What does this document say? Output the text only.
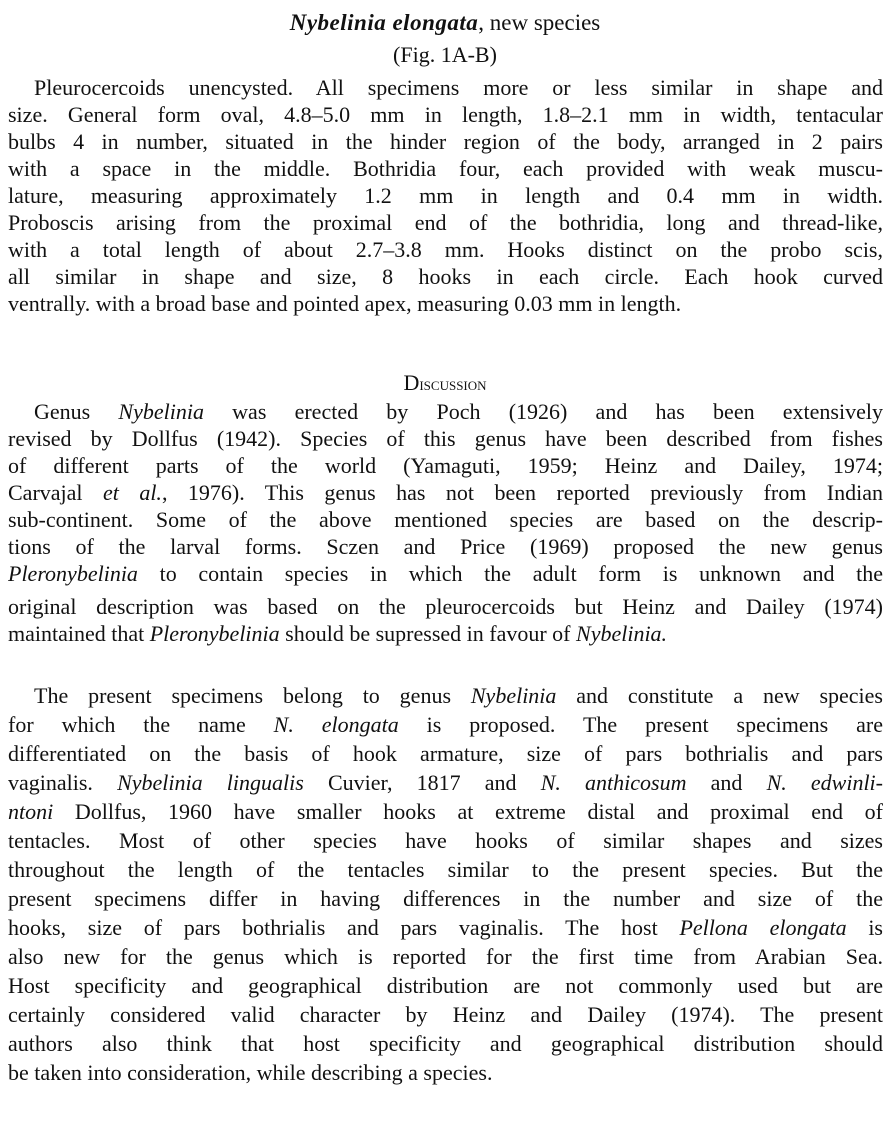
Nybelinia elongata, new species
(Fig. 1A-B)
Pleurocercoids unencysted. All specimens more or less similar in shape and
size. General form oval, 4.8–5.0 mm in length, 1.8–2.1 mm in width, tentacular
bulbs 4 in number, situated in the hinder region of the body, arranged in 2 pairs
with a space in the middle. Bothridia four, each provided with weak muscu-
lature, measuring approximately 1.2 mm in length and 0.4 mm in width.
Proboscis arising from the proximal end of the bothridia, long and thread-like,
with a total length of about 2.7–3.8 mm. Hooks distinct on the probo scis,
all similar in shape and size, 8 hooks in each circle. Each hook curved
ventrally. with a broad base and pointed apex, measuring 0.03 mm in length.
Discussion
Genus Nybelinia was erected by Poch (1926) and has been extensively
revised by Dollfus (1942). Species of this genus have been described from fishes
of different parts of the world (Yamaguti, 1959; Heinz and Dailey, 1974;
Carvajal et al., 1976). This genus has not been reported previously from Indian
sub-continent. Some of the above mentioned species are based on the descrip-
tions of the larval forms. Sczen and Price (1969) proposed the new genus
Pleronybelinia to contain species in which the adult form is unknown and the
original description was based on the pleurocercoids but Heinz and Dailey (1974)
maintained that Pleronybelinia should be supressed in favour of Nybelinia.
The present specimens belong to genus Nybelinia and constitute a new species
for which the name N. elongata is proposed. The present specimens are
differentiated on the basis of hook armature, size of pars bothrialis and pars
vaginalis. Nybelinia lingualis Cuvier, 1817 and N. anthicosum and N. edwinli-
ntoni Dollfus, 1960 have smaller hooks at extreme distal and proximal end of
tentacles. Most of other species have hooks of similar shapes and sizes
throughout the length of the tentacles similar to the present species. But the
present specimens differ in having differences in the number and size of the
hooks, size of pars bothrialis and pars vaginalis. The host Pellona elongata is
also new for the genus which is reported for the first time from Arabian Sea.
Host specificity and geographical distribution are not commonly used but are
certainly considered valid character by Heinz and Dailey (1974). The present
authors also think that host specificity and geographical distribution should
be taken into consideration, while describing a species.
